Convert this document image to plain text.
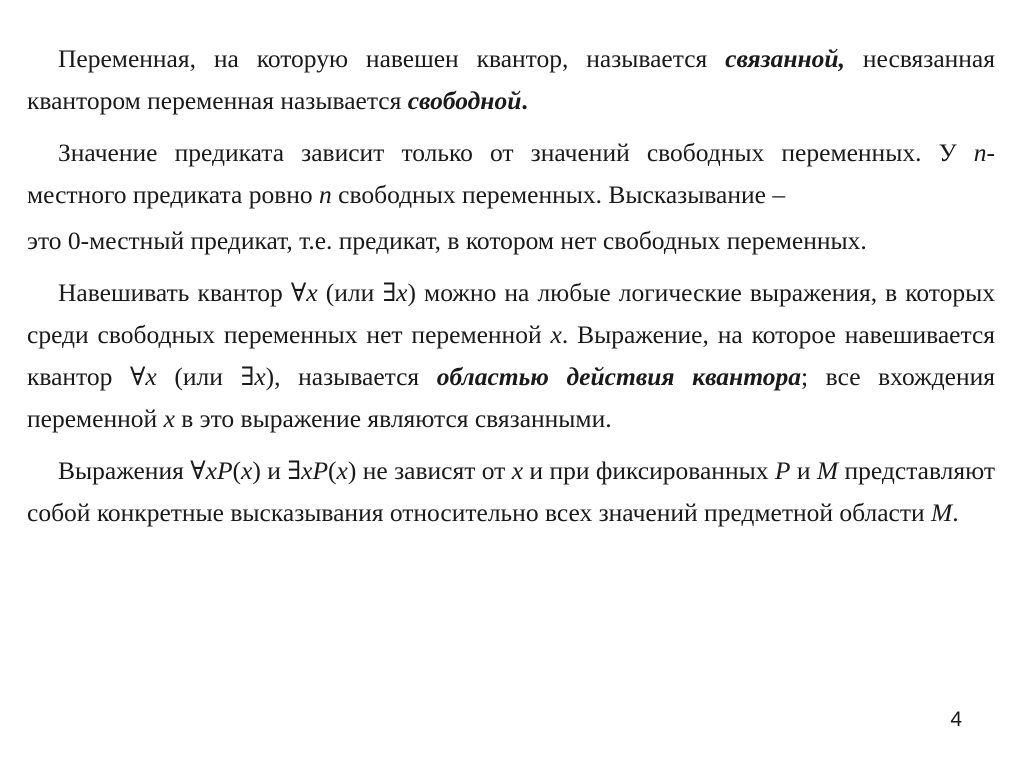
Переменная, на которую навешен квантор, называется связанной, несвязанная квантором переменная называется свободной.

Значение предиката зависит только от значений свободных переменных. У n-местного предиката ровно n свободных переменных. Высказывание –

это 0-местный предикат, т.е. предикат, в котором нет свободных переменных.

Навешивать квантор ∀x (или ∃x) можно на любые логические выражения, в которых среди свободных переменных нет переменной x. Выражение, на которое навешивается квантор ∀x (или ∃x), называется областью действия квантора; все вхождения переменной x в это выражение являются связанными.

Выражения ∀xP(x) и ∃xP(x) не зависят от x и при фиксированных P и M представляют собой конкретные высказывания относительно всех значений предметной области M.

4
